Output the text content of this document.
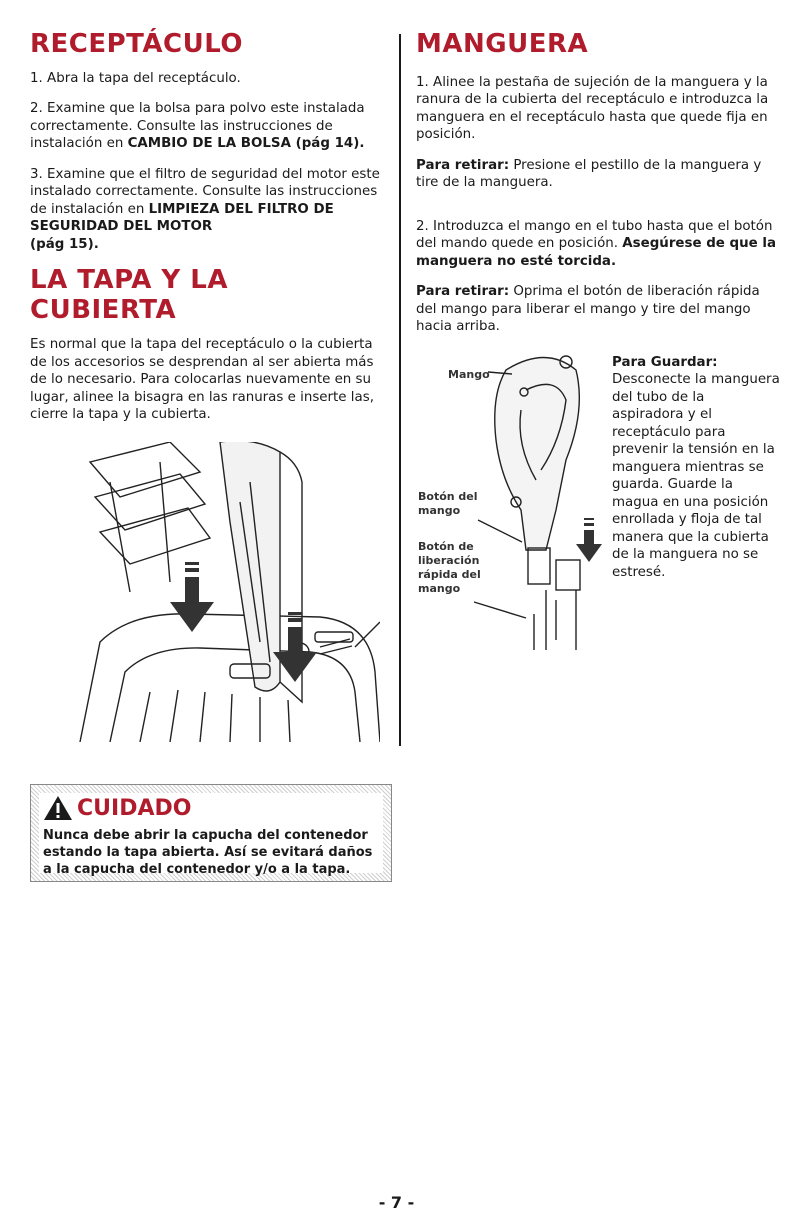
RECEPTÁCULO

1. Abra la tapa del receptáculo.

2. Examine que la bolsa para polvo este instalada correctamente. Consulte las instrucciones de instalación en CAMBIO DE LA BOLSA (pág 14).

3. Examine que el filtro de seguridad del motor este instalado correctamente. Consulte las instrucciones de instalación en LIMPIEZA DEL FILTRO DE SEGURIDAD DEL MOTOR
(pág 15).

LA TAPA Y LA CUBIERTA

Es normal que la tapa del receptáculo o la cubierta de los accesorios se desprendan al ser abierta más de lo necesario. Para colocarlas nuevamente en su lugar, alinee la bisagra en las ranuras e inserte las, cierre la tapa y la cubierta.

MANGUERA

1. Alinee la pestaña de sujeción de la manguera y la ranura de la cubierta del receptáculo e introduzca la manguera en el receptáculo hasta que quede fija en posición.

Para retirar: Presione el pestillo de la manguera y tire de la manguera.

2. Introduzca el mango en el tubo hasta que el botón del mando quede en posición. Asegúrese de que la manguera no esté torcida.

Para retirar: Oprima el botón de liberación rápida del mango para liberar el mango y tire del mango hacia arriba.

Mango
Botón del mango
Botón de liberación rápida del mango

Para Guardar: Desconecte la manguera del tubo de la aspiradora y el receptáculo para prevenir la tensión en la manguera mientras se guarda. Guarde la magua en una posición enrollada y floja de tal manera que la cubierta de la manguera no se estresé.

CUIDADO
Nunca debe abrir la capucha del contenedor estando la tapa abierta. Así se evitará daños a la capucha del contenedor y/o a la tapa.
- 7 -
